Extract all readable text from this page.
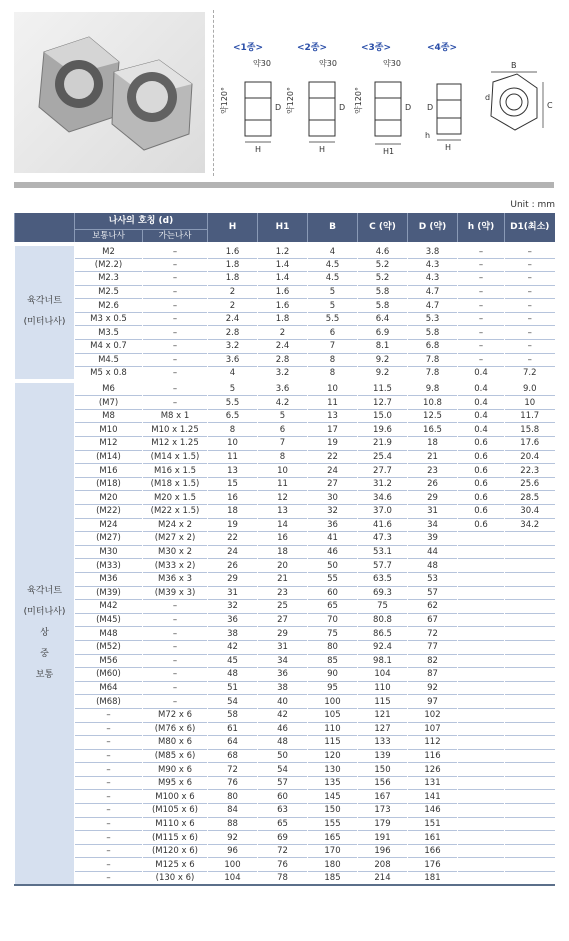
<1종>	<2종>	<3종>	<4종>
약30	약30	약30
약120°	약120°	약120°
H	H	H1	H
D	D	D D
B
C
d
h
Unit : mm
	나사의 호칭 (d)		H	H1	B	C (약)	D (약)	h (약)	D1(최소)
	보통나사	가는나사							

육각너트
(미터나사)	M2	–	1.6	1.2	4	4.6	3.8	–	–
	(M2.2)	–	1.8	1.4	4.5	5.2	4.3	–	–
	M2.3	–	1.8	1.4	4.5	5.2	4.3	–	–
	M2.5	–	2	1.6	5	5.8	4.7	–	–
	M2.6	–	2	1.6	5	5.8	4.7	–	–
	M3 x 0.5	–	2.4	1.8	5.5	6.4	5.3	–	–
	M3.5	–	2.8	2	6	6.9	5.8	–	–
	M4 x 0.7	–	3.2	2.4	7	8.1	6.8	–	–
	M4.5	–	3.6	2.8	8	9.2	7.8	–	–
	M5 x 0.8	–	4	3.2	8	9.2	7.8	0.4	7.2

육각너트
(미터나사)
상
중
보통	M6	–	5	3.6	10	11.5	9.8	0.4	9.0
	(M7)	–	5.5	4.2	11	12.7	10.8	0.4	10
	M8	M8 x 1	6.5	5	13	15.0	12.5	0.4	11.7
	M10	M10 x 1.25	8	6	17	19.6	16.5	0.4	15.8
	M12	M12 x 1.25	10	7	19	21.9	18	0.6	17.6
	(M14)	(M14 x 1.5)	11	8	22	25.4	21	0.6	20.4
	M16	M16 x 1.5	13	10	24	27.7	23	0.6	22.3
	(M18)	(M18 x 1.5)	15	11	27	31.2	26	0.6	25.6
	M20	M20 x 1.5	16	12	30	34.6	29	0.6	28.5
	(M22)	(M22 x 1.5)	18	13	32	37.0	31	0.6	30.4
	M24	M24 x 2	19	14	36	41.6	34	0.6	34.2
	(M27)	(M27 x 2)	22	16	41	47.3	39		
	M30	M30 x 2	24	18	46	53.1	44		
	(M33)	(M33 x 2)	26	20	50	57.7	48		
	M36	M36 x 3	29	21	55	63.5	53		
	(M39)	(M39 x 3)	31	23	60	69.3	57		
	M42	–	32	25	65	75	62		
	(M45)	–	36	27	70	80.8	67		
	M48	–	38	29	75	86.5	72		
	(M52)	–	42	31	80	92.4	77		
	M56	–	45	34	85	98.1	82		
	(M60)	–	48	36	90	104	87		
	M64	–	51	38	95	110	92		
	(M68)	–	54	40	100	115	97		
	–	M72 x 6	58	42	105	121	102		
	–	(M76 x 6)	61	46	110	127	107		
	–	M80 x 6	64	48	115	133	112		
	–	(M85 x 6)	68	50	120	139	116		
	–	M90 x 6	72	54	130	150	126		
	–	M95 x 6	76	57	135	156	131		
	–	M100 x 6	80	60	145	167	141		
	–	(M105 x 6)	84	63	150	173	146		
	–	M110 x 6	88	65	155	179	151		
	–	(M115 x 6)	92	69	165	191	161		
	–	(M120 x 6)	96	72	170	196	166		
	–	M125 x 6	100	76	180	208	176		
	–	(130 x 6)	104	78	185	214	181		
